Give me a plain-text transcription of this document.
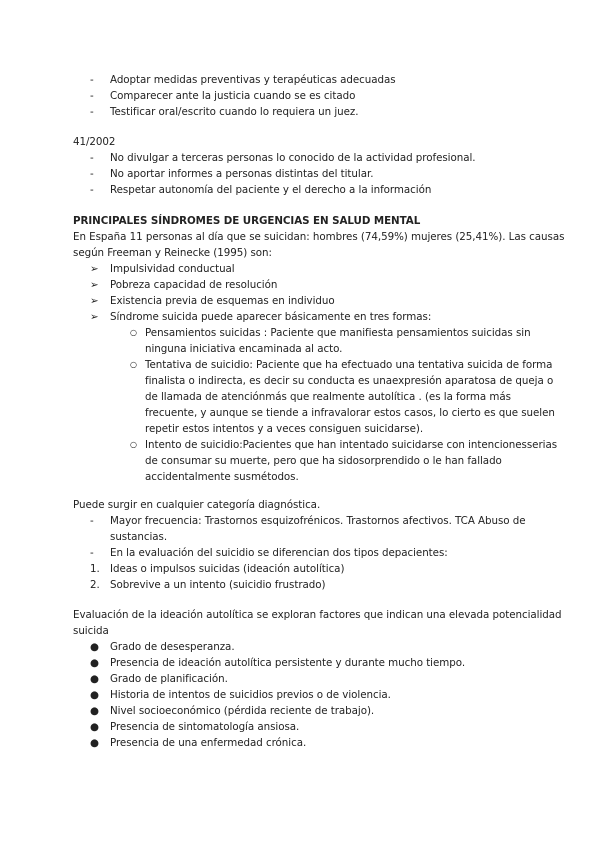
-	Adoptar medidas preventivas y terapéuticas adecuadas
-	Comparecer ante la justicia cuando se es citado
-	Testificar oral/escrito cuando lo requiera un juez.
41/2002
-	No divulgar a terceras personas lo conocido de la actividad profesional.
-	No aportar informes a personas distintas del titular.
-	Respetar autonomía del paciente y el derecho a la información
PRINCIPALES SÍNDROMES DE URGENCIAS EN SALUD MENTAL
En España 11 personas al día que se suicidan: hombres (74,59%) mujeres (25,41%). Las causas
según Freeman y Reinecke (1995) son:
➢	Impulsividad conductual
➢	Pobreza capacidad de resolución
➢	Existencia previa de esquemas en individuo
➢	Síndrome suicida puede aparecer básicamente en tres formas:
○ Pensamientos suicidas : Paciente que manifiesta pensamientos suicidas sin
ninguna iniciativa encaminada al acto.
○ Tentativa de suicidio: Paciente que ha efectuado una tentativa suicida de forma
finalista o indirecta, es decir su conducta es unaexpresión aparatosa de queja o
de llamada de atenciónmás que realmente autolítica . (es la forma más
frecuente, y aunque se tiende a infravalorar estos casos, lo cierto es que suelen
repetir estos intentos y a veces consiguen suicidarse).
○ Intento de suicidio:Pacientes que han intentado suicidarse con intencionesserias
de consumar su muerte, pero que ha sidosorprendido o le han fallado
accidentalmente susmétodos.
Puede surgir en cualquier categoría diagnóstica.
-	Mayor frecuencia: Trastornos esquizofrénicos. Trastornos afectivos. TCA Abuso de
sustancias.
-	En la evaluación del suicidio se diferencian dos tipos depacientes:
1. Ideas o impulsos suicidas (ideación autolítica)
2. Sobrevive a un intento (suicidio frustrado)
Evaluación de la ideación autolítica se exploran factores que indican una elevada potencialidad
suicida
●	Grado de desesperanza.
●	Presencia de ideación autolítica persistente y durante mucho tiempo.
●	Grado de planificación.
●	Historia de intentos de suicidios previos o de violencia.
●	Nivel socioeconómico (pérdida reciente de trabajo).
●	Presencia de sintomatología ansiosa.
●	Presencia de una enfermedad crónica.
